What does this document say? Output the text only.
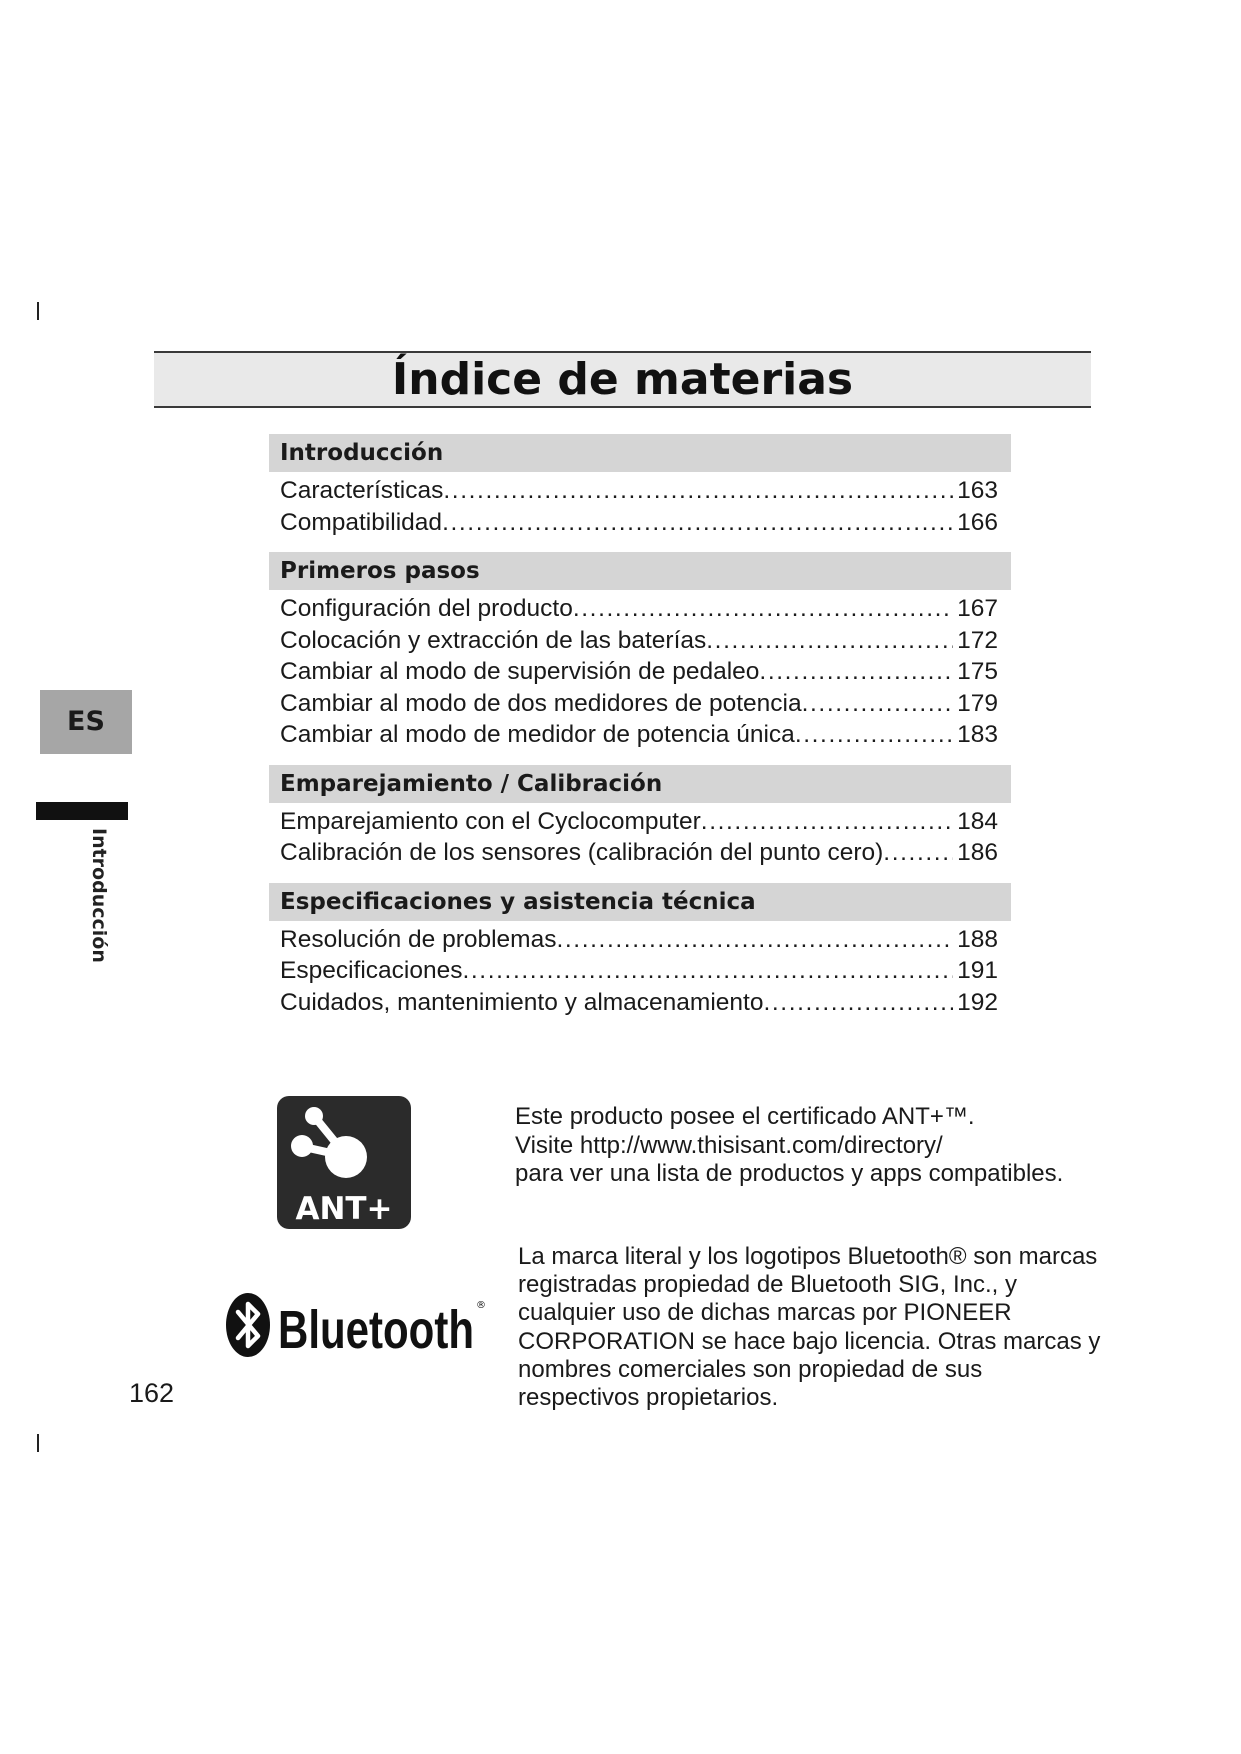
Índice de materias
ES
Introducción
Introducción
Características . . .	163
Compatibilidad . . .	166
Primeros pasos
Configuración del producto . . .	167
Colocación y extracción de las baterías . . .	172
Cambiar al modo de supervisión de pedaleo . . .	175
Cambiar al modo de dos medidores de potencia . . .	179
Cambiar al modo de medidor de potencia única . . .	183
Emparejamiento / Calibración
Emparejamiento con el Cyclocomputer . . .	184
Calibración de los sensores (calibración del punto cero) . . .	186
Especificaciones y asistencia técnica
Resolución de problemas . . .	188
Especificaciones . . .	191
Cuidados, mantenimiento y almacenamiento . . .	192
ANT+
Este producto posee el certificado ANT+™.
Visite http://www.thisisant.com/directory/
para ver una lista de productos y apps compatibles.
Bluetooth ®
La marca literal y los logotipos Bluetooth® son marcas
registradas propiedad de Bluetooth SIG, Inc., y
cualquier uso de dichas marcas por PIONEER
CORPORATION se hace bajo licencia. Otras marcas y
nombres comerciales son propiedad de sus
respectivos propietarios.
162
